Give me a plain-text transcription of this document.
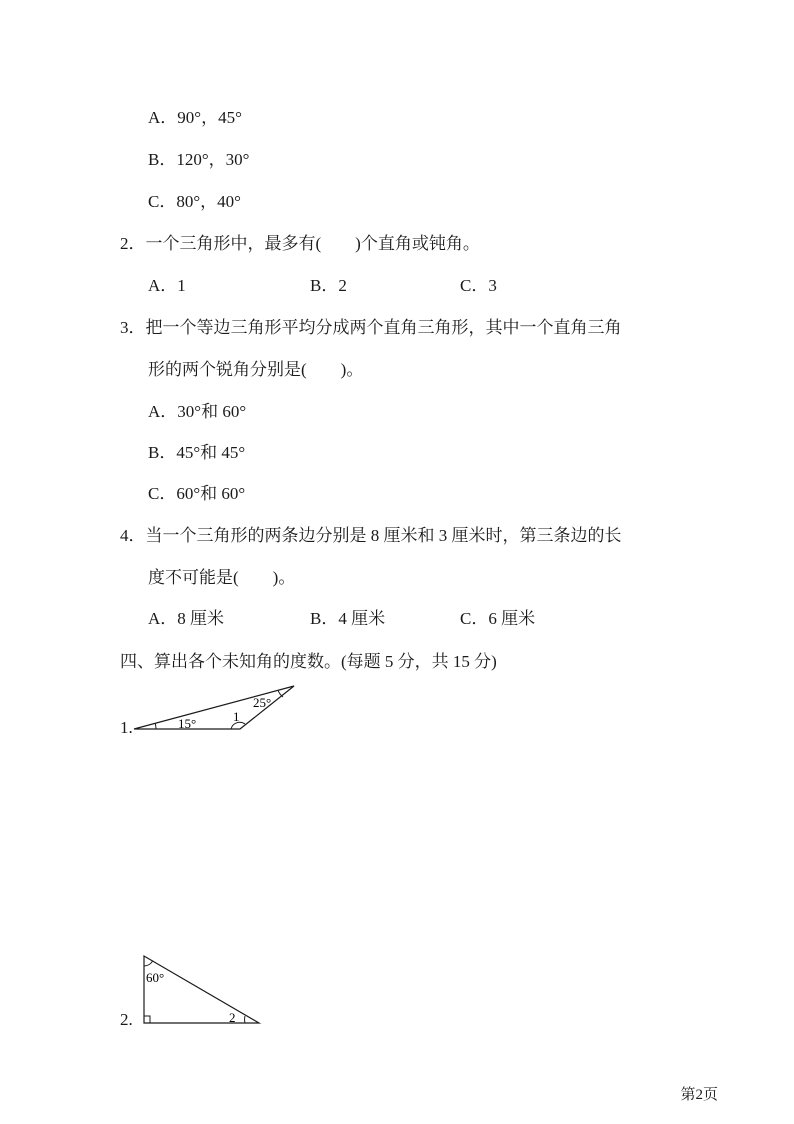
A．90°，45°
B．120°，30°
C．80°，40°
2．一个三角形中，最多有(　　)个直角或钝角。
A．1	B．2	C．3
3．把一个等边三角形平均分成两个直角三角形，其中一个直角三角
形的两个锐角分别是(　　)。
A．30°和 60°
B．45°和 45°
C．60°和 60°
4．当一个三角形的两条边分别是 8 厘米和 3 厘米时，第三条边的长
度不可能是(　　)。
A．8 厘米	B．4 厘米	C．6 厘米
四、算出各个未知角的度数。(每题 5 分，共 15 分)
1.	15°	1
25°
2.
60°
2
第2页
